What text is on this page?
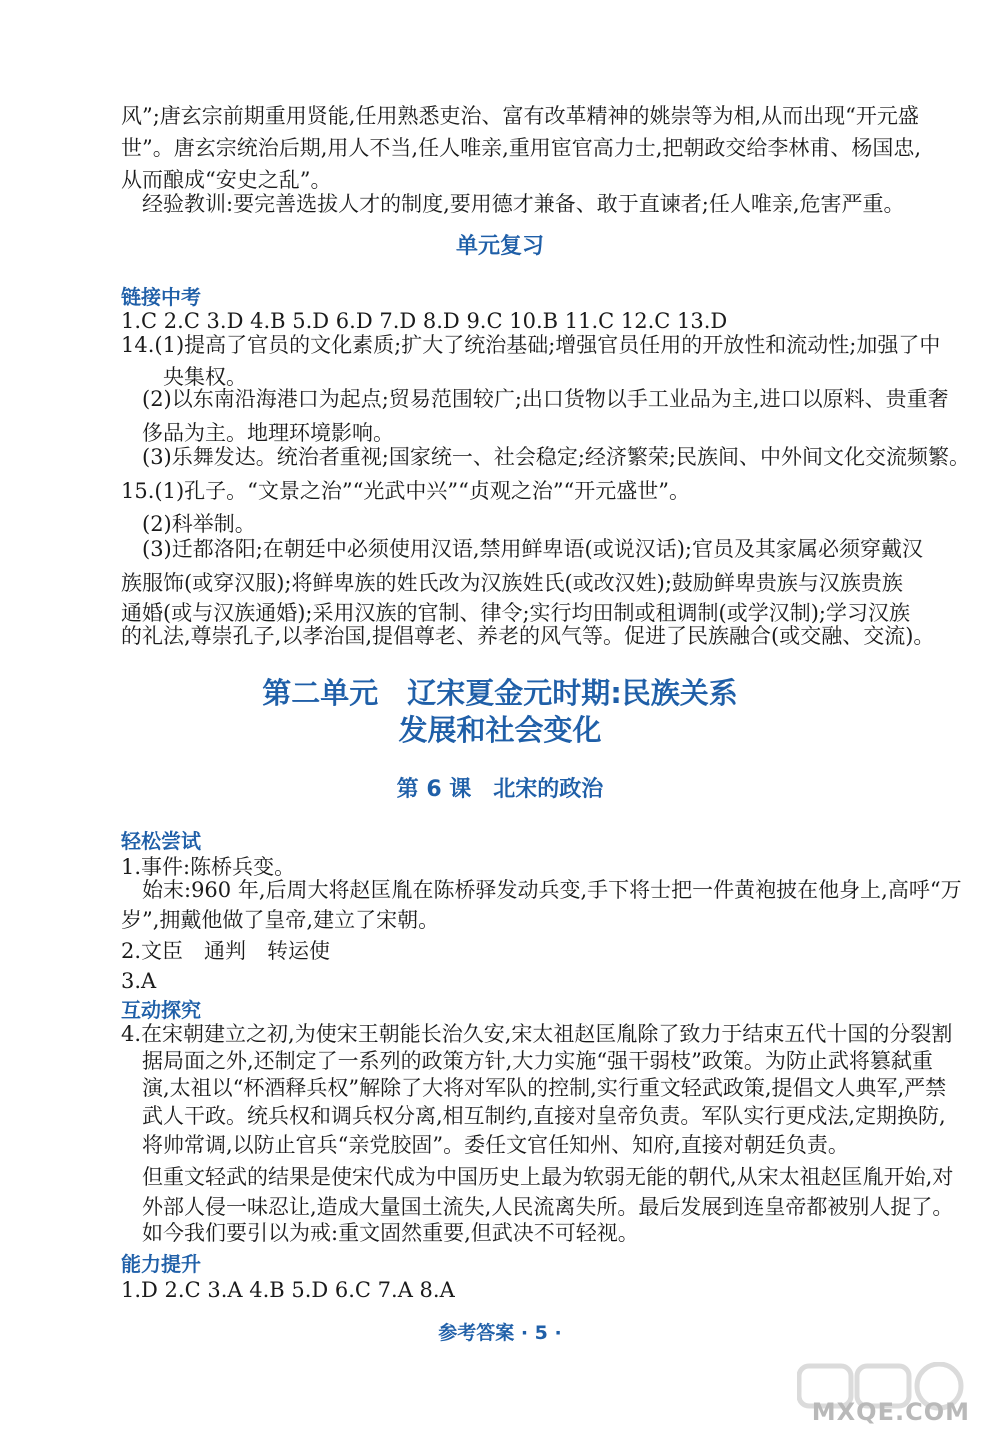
风”;唐玄宗前期重用贤能,任用熟悉吏治、富有改革精神的姚崇等为相,从而出现“开元盛
世”。唐玄宗统治后期,用人不当,任人唯亲,重用宦官高力士,把朝政交给李林甫、杨国忠,
从而酿成“安史之乱”。
经验教训:要完善选拔人才的制度,要用德才兼备、敢于直谏者;任人唯亲,危害严重。
单元复习
链接中考
1.C 2.C 3.D 4.B 5.D 6.D 7.D 8.D 9.C 10.B 11.C 12.C 13.D
14.(1)提高了官员的文化素质;扩大了统治基础;增强官员任用的开放性和流动性;加强了中
央集权。
(2)以东南沿海港口为起点;贸易范围较广;出口货物以手工业品为主,进口以原料、贵重奢
侈品为主。地理环境影响。
(3)乐舞发达。统治者重视;国家统一、社会稳定;经济繁荣;民族间、中外间文化交流频繁。
15.(1)孔子。“文景之治”“光武中兴”“贞观之治”“开元盛世”。
(2)科举制。
(3)迁都洛阳;在朝廷中必须使用汉语,禁用鲜卑语(或说汉话);官员及其家属必须穿戴汉
族服饰(或穿汉服);将鲜卑族的姓氏改为汉族姓氏(或改汉姓);鼓励鲜卑贵族与汉族贵族
通婚(或与汉族通婚);采用汉族的官制、律令;实行均田制或租调制(或学汉制);学习汉族
的礼法,尊崇孔子,以孝治国,提倡尊老、养老的风气等。促进了民族融合(或交融、交流)。
第二单元　辽宋夏金元时期:民族关系
发展和社会变化
第 6 课　北宋的政治
轻松尝试
1.事件:陈桥兵变。
始末:960 年,后周大将赵匡胤在陈桥驿发动兵变,手下将士把一件黄袍披在他身上,高呼“万
岁”,拥戴他做了皇帝,建立了宋朝。
2.文臣　通判　转运使
3.A
互动探究
4.在宋朝建立之初,为使宋王朝能长治久安,宋太祖赵匡胤除了致力于结束五代十国的分裂割
据局面之外,还制定了一系列的政策方针,大力实施“强干弱枝”政策。为防止武将篡弑重
演,太祖以“杯酒释兵权”解除了大将对军队的控制,实行重文轻武政策,提倡文人典军,严禁
武人干政。统兵权和调兵权分离,相互制约,直接对皇帝负责。军队实行更戍法,定期换防,
将帅常调,以防止官兵“亲党胶固”。委任文官任知州、知府,直接对朝廷负责。
但重文轻武的结果是使宋代成为中国历史上最为软弱无能的朝代,从宋太祖赵匡胤开始,对
外部人侵一味忍让,造成大量国土流失,人民流离失所。最后发展到连皇帝都被别人捉了。
如今我们要引以为戒:重文固然重要,但武决不可轻视。
能力提升
1.D 2.C 3.A 4.B 5.D 6.C 7.A 8.A
参考答案 · 5 ·
MXQE.COM
